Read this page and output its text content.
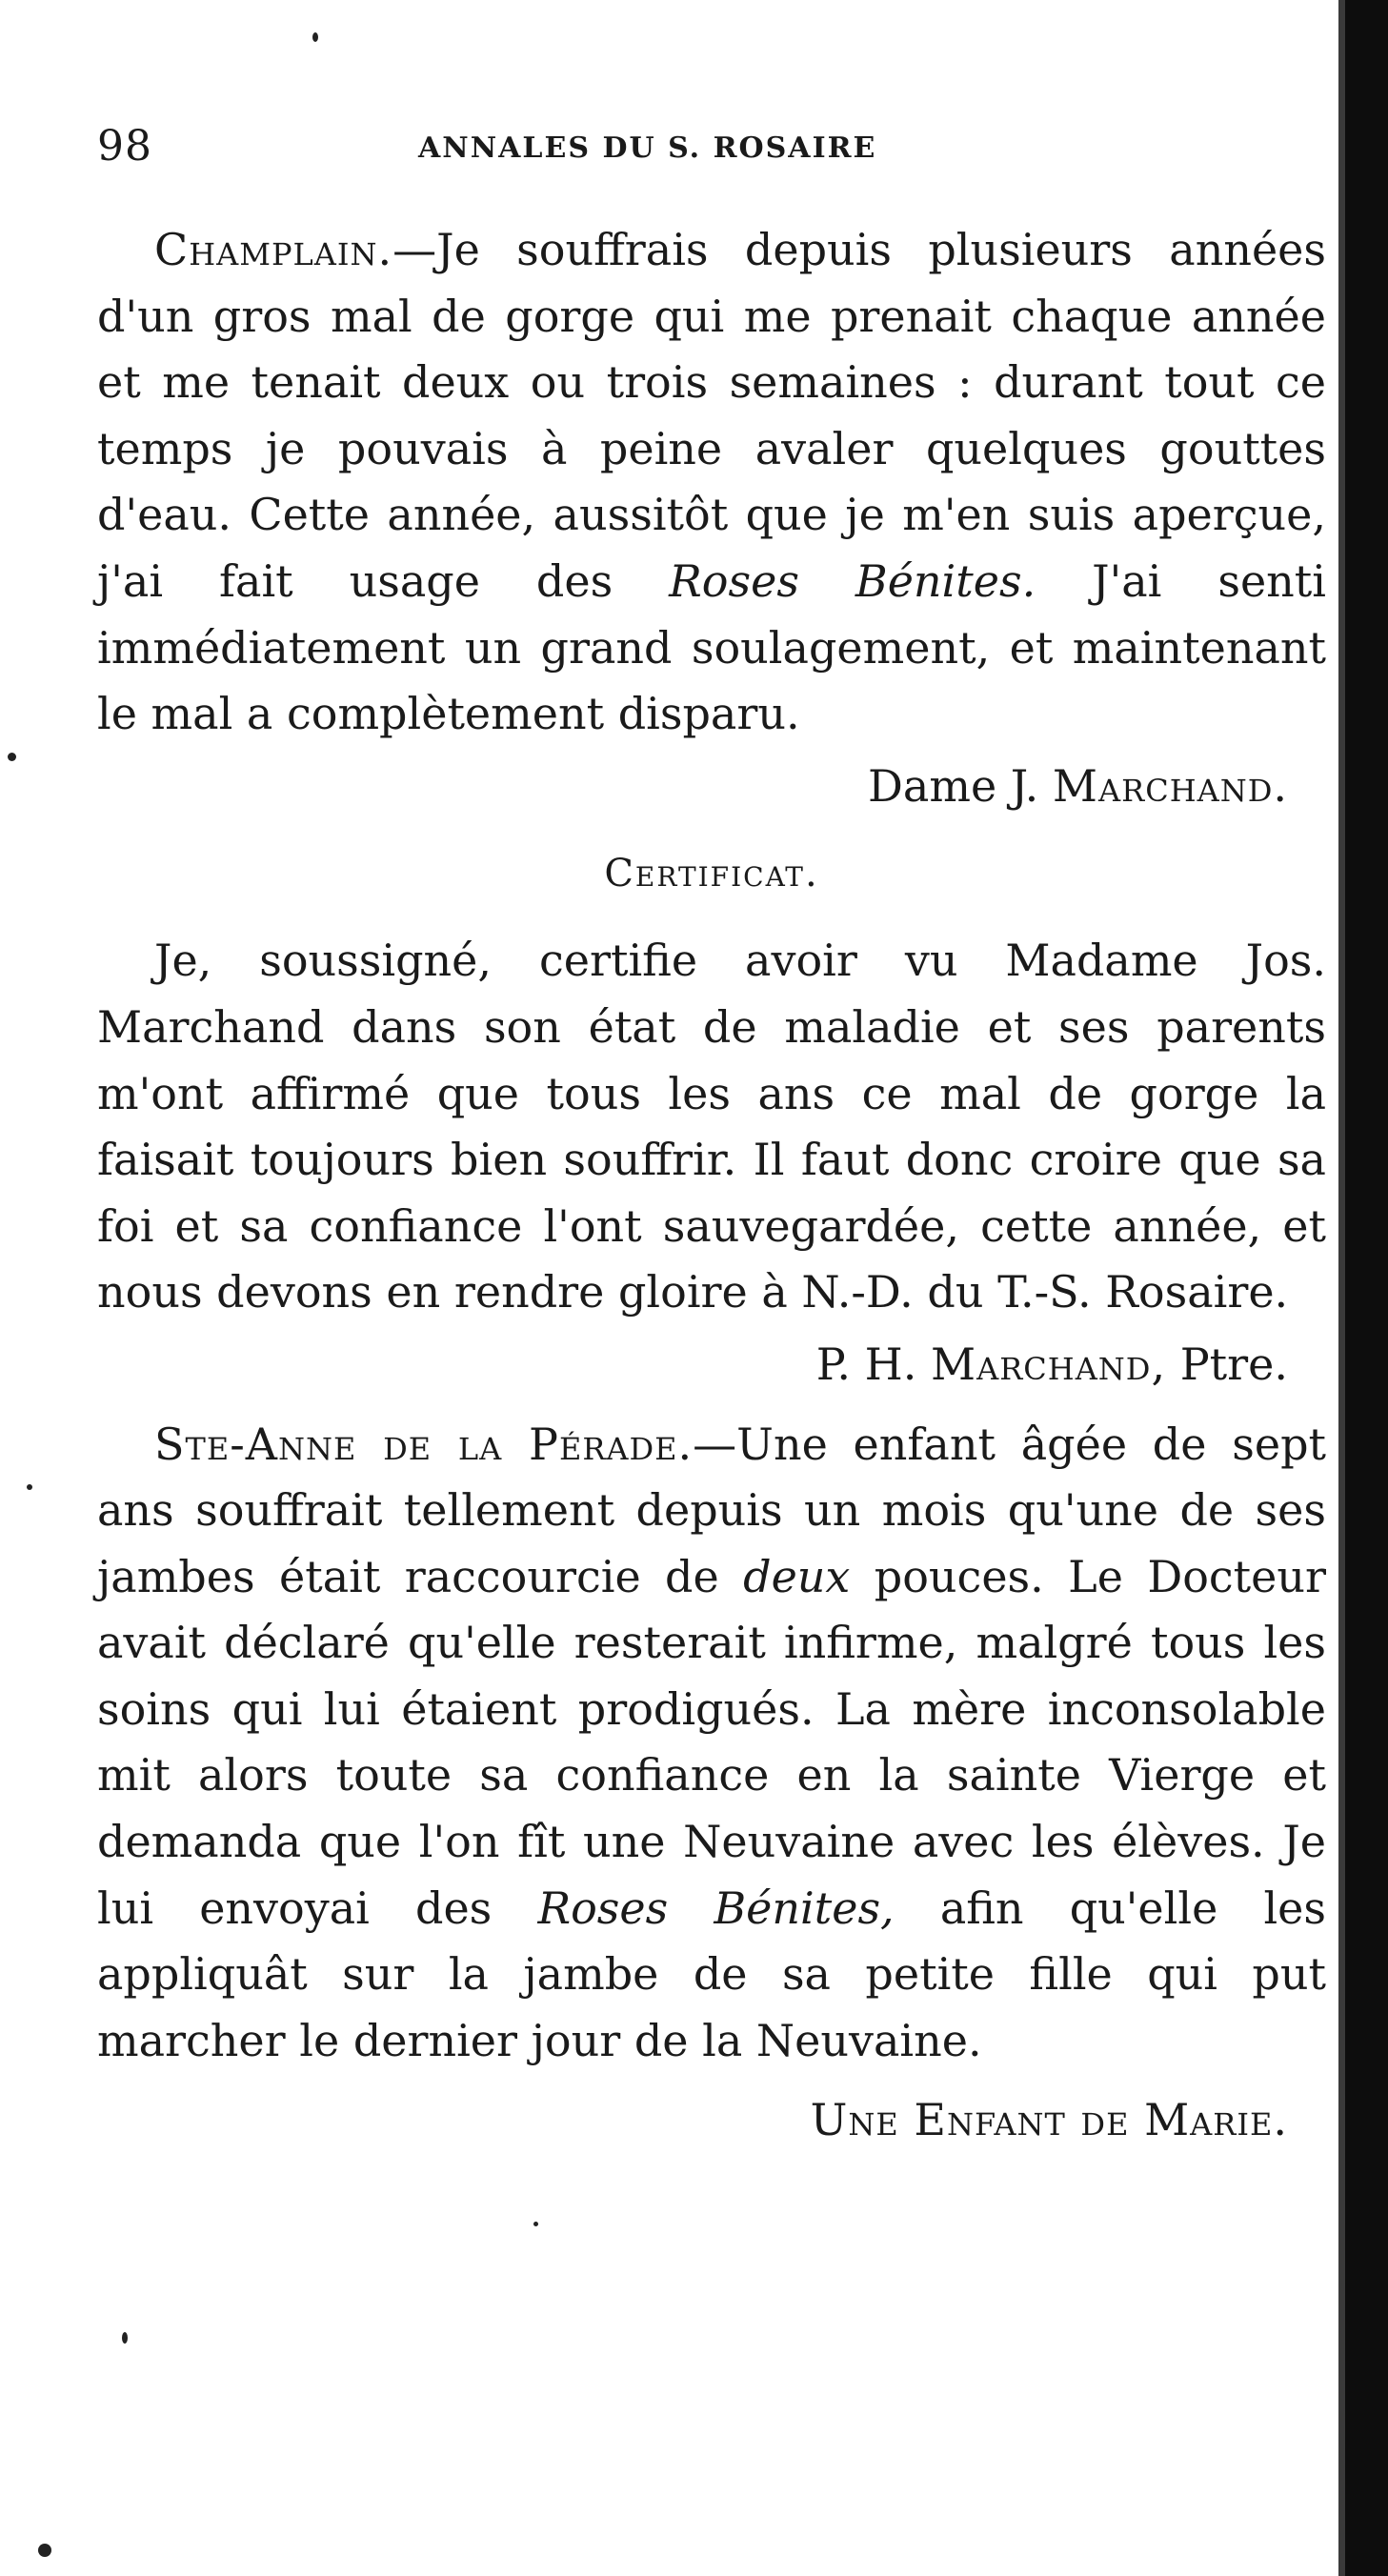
98	ANNALES DU S. ROSAIRE

Champlain.—Je souffrais depuis plusieurs années d'un gros mal de gorge qui me prenait chaque année et me tenait deux ou trois semaines : durant tout ce temps je pouvais à peine avaler quelques gouttes d'eau. Cette année, aussitôt que je m'en suis aperçue, j'ai fait usage des Roses Bénites. J'ai senti immédiatement un grand soulagement, et maintenant le mal a complètement disparu.

Dame J. Marchand.
Certificat.

Je, soussigné, certifie avoir vu Madame Jos. Marchand dans son état de maladie et ses parents m'ont affirmé que tous les ans ce mal de gorge la faisait toujours bien souffrir. Il faut donc croire que sa foi et sa confiance l'ont sauvegardée, cette année, et nous devons en rendre gloire à N.-D. du T.-S. Rosaire.

P. H. Marchand, Ptre.

Ste-Anne de la Pérade.—Une enfant âgée de sept ans souffrait tellement depuis un mois qu'une de ses jambes était raccourcie de deux pouces. Le Docteur avait déclaré qu'elle resterait infirme, malgré tous les soins qui lui étaient prodigués. La mère inconsolable mit alors toute sa confiance en la sainte Vierge et demanda que l'on fît une Neuvaine avec les élèves. Je lui envoyai des Roses Bénites, afin qu'elle les appliquât sur la jambe de sa petite fille qui put marcher le dernier jour de la Neuvaine.

Une Enfant de Marie.
